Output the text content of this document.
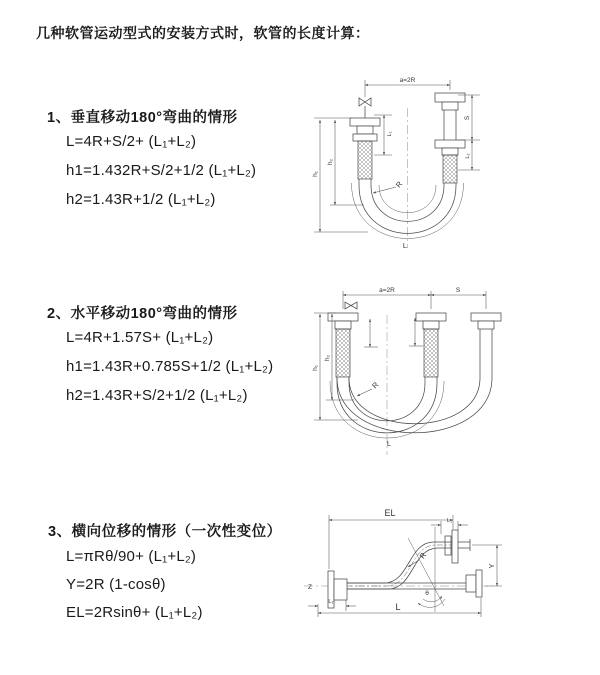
几种软管运动型式的安装方式时，软管的长度计算：
1、垂直移动180°弯曲的情形
L=4R+S/2+ (L₁+L₂)
h1=1.432R+S/2+1/2 (L₁+L₂)
h2=1.43R+1/2 (L₁+L₂)
2、水平移动180°弯曲的情形
L=4R+1.57S+ (L₁+L₂)
h1=1.43R+0.785S+1/2 (L₁+L₂)
h2=1.43R+S/2+1/2 (L₁+L₂)
3、横向位移的情形（一次性变位）
L=πRθ/90+ (L₁+L₂)
Y=2R (1-cosθ)
EL=2Rsinθ+ (L₁+L₂)
a=2R
h₁
h₂
L₁
S
L₂
R
L
a=2R	S
h₁
h₂
R
L
Z
EL
L₁
θ
R
Y
L₂	L
